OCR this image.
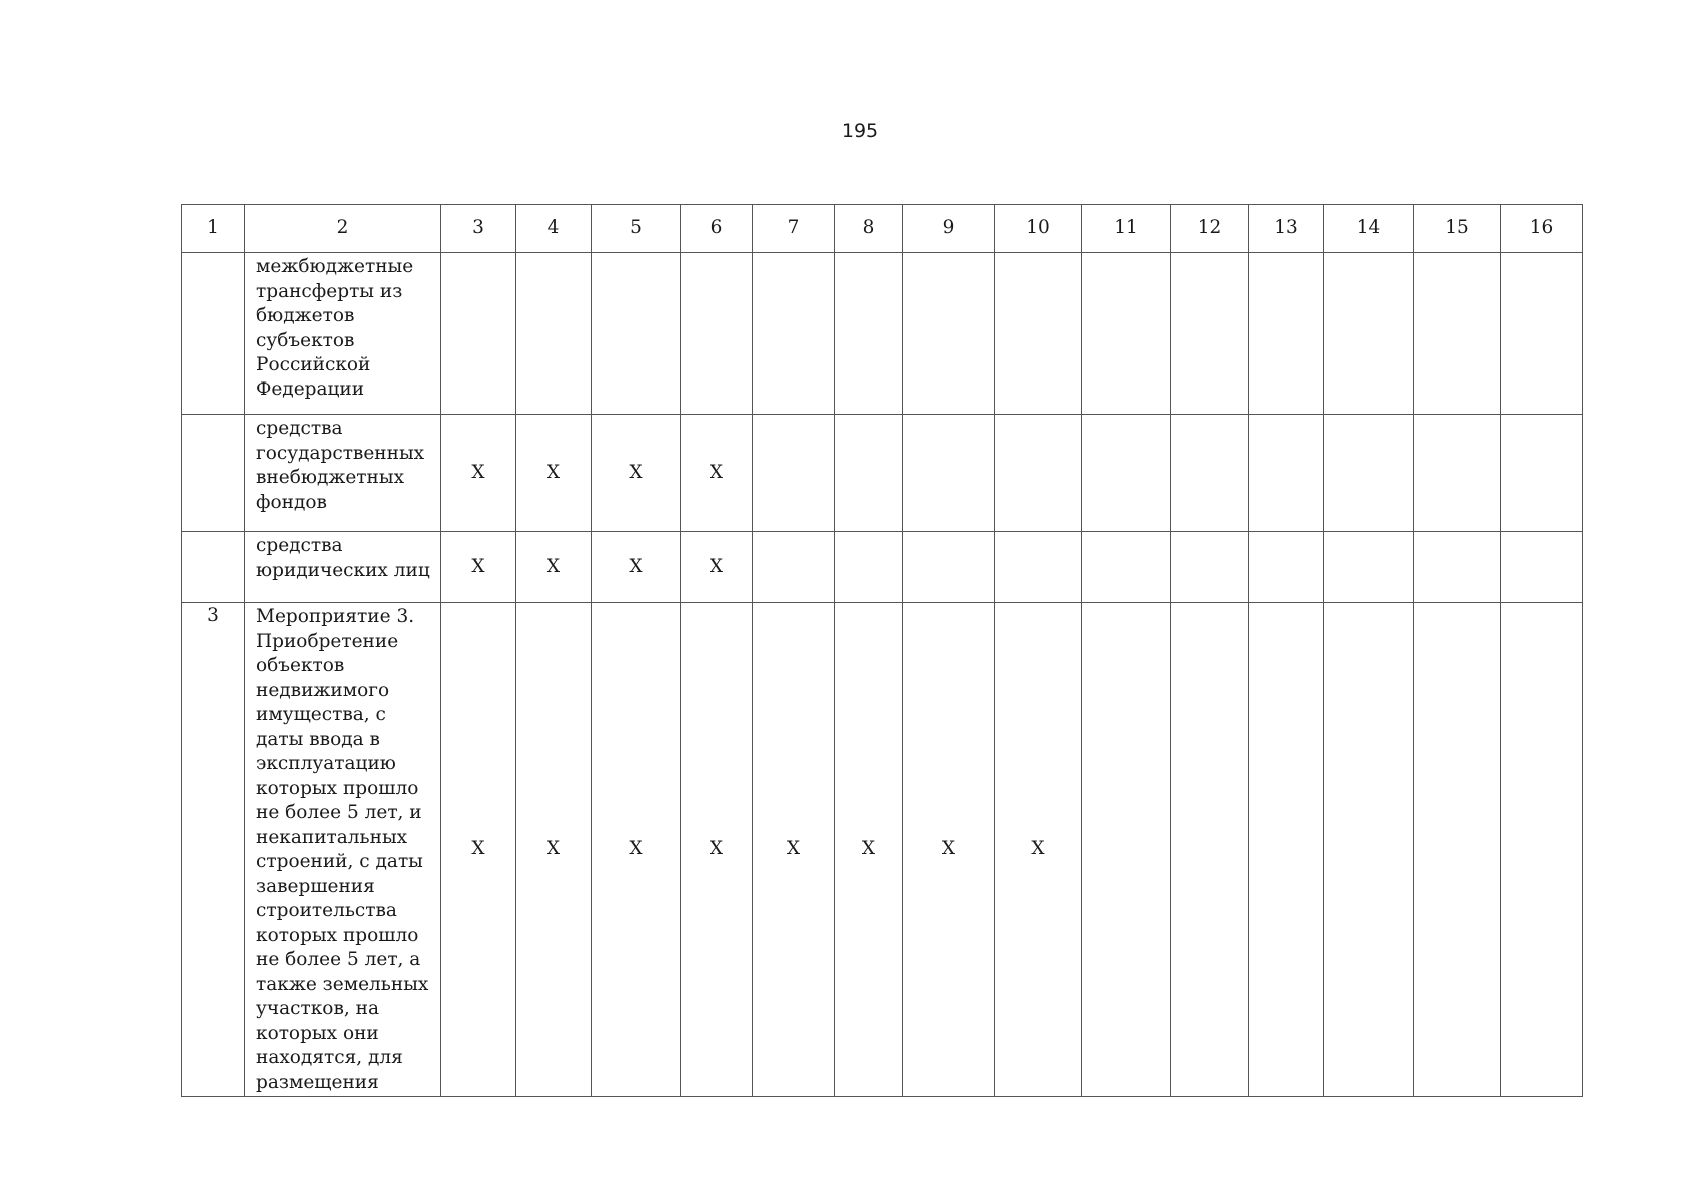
195
1	2	3	4	5	6	7	8	9	10	11	12	13	14	15	16
	межбюджетные трансферты из бюджетов субъектов Российской Федерации														
	средства государственных внебюджетных фондов	X	X	X	X										
	средства юридических лиц	X	X	X	X										
3	Мероприятие 3. Приобретение объектов недвижимого имущества, с даты ввода в эксплуатацию которых прошло не более 5 лет, и некапитальных строений, с даты завершения строительства которых прошло не более 5 лет, а также земельных участков, на которых они находятся, для размещения	X	X	X	X	X	X	X	X						
